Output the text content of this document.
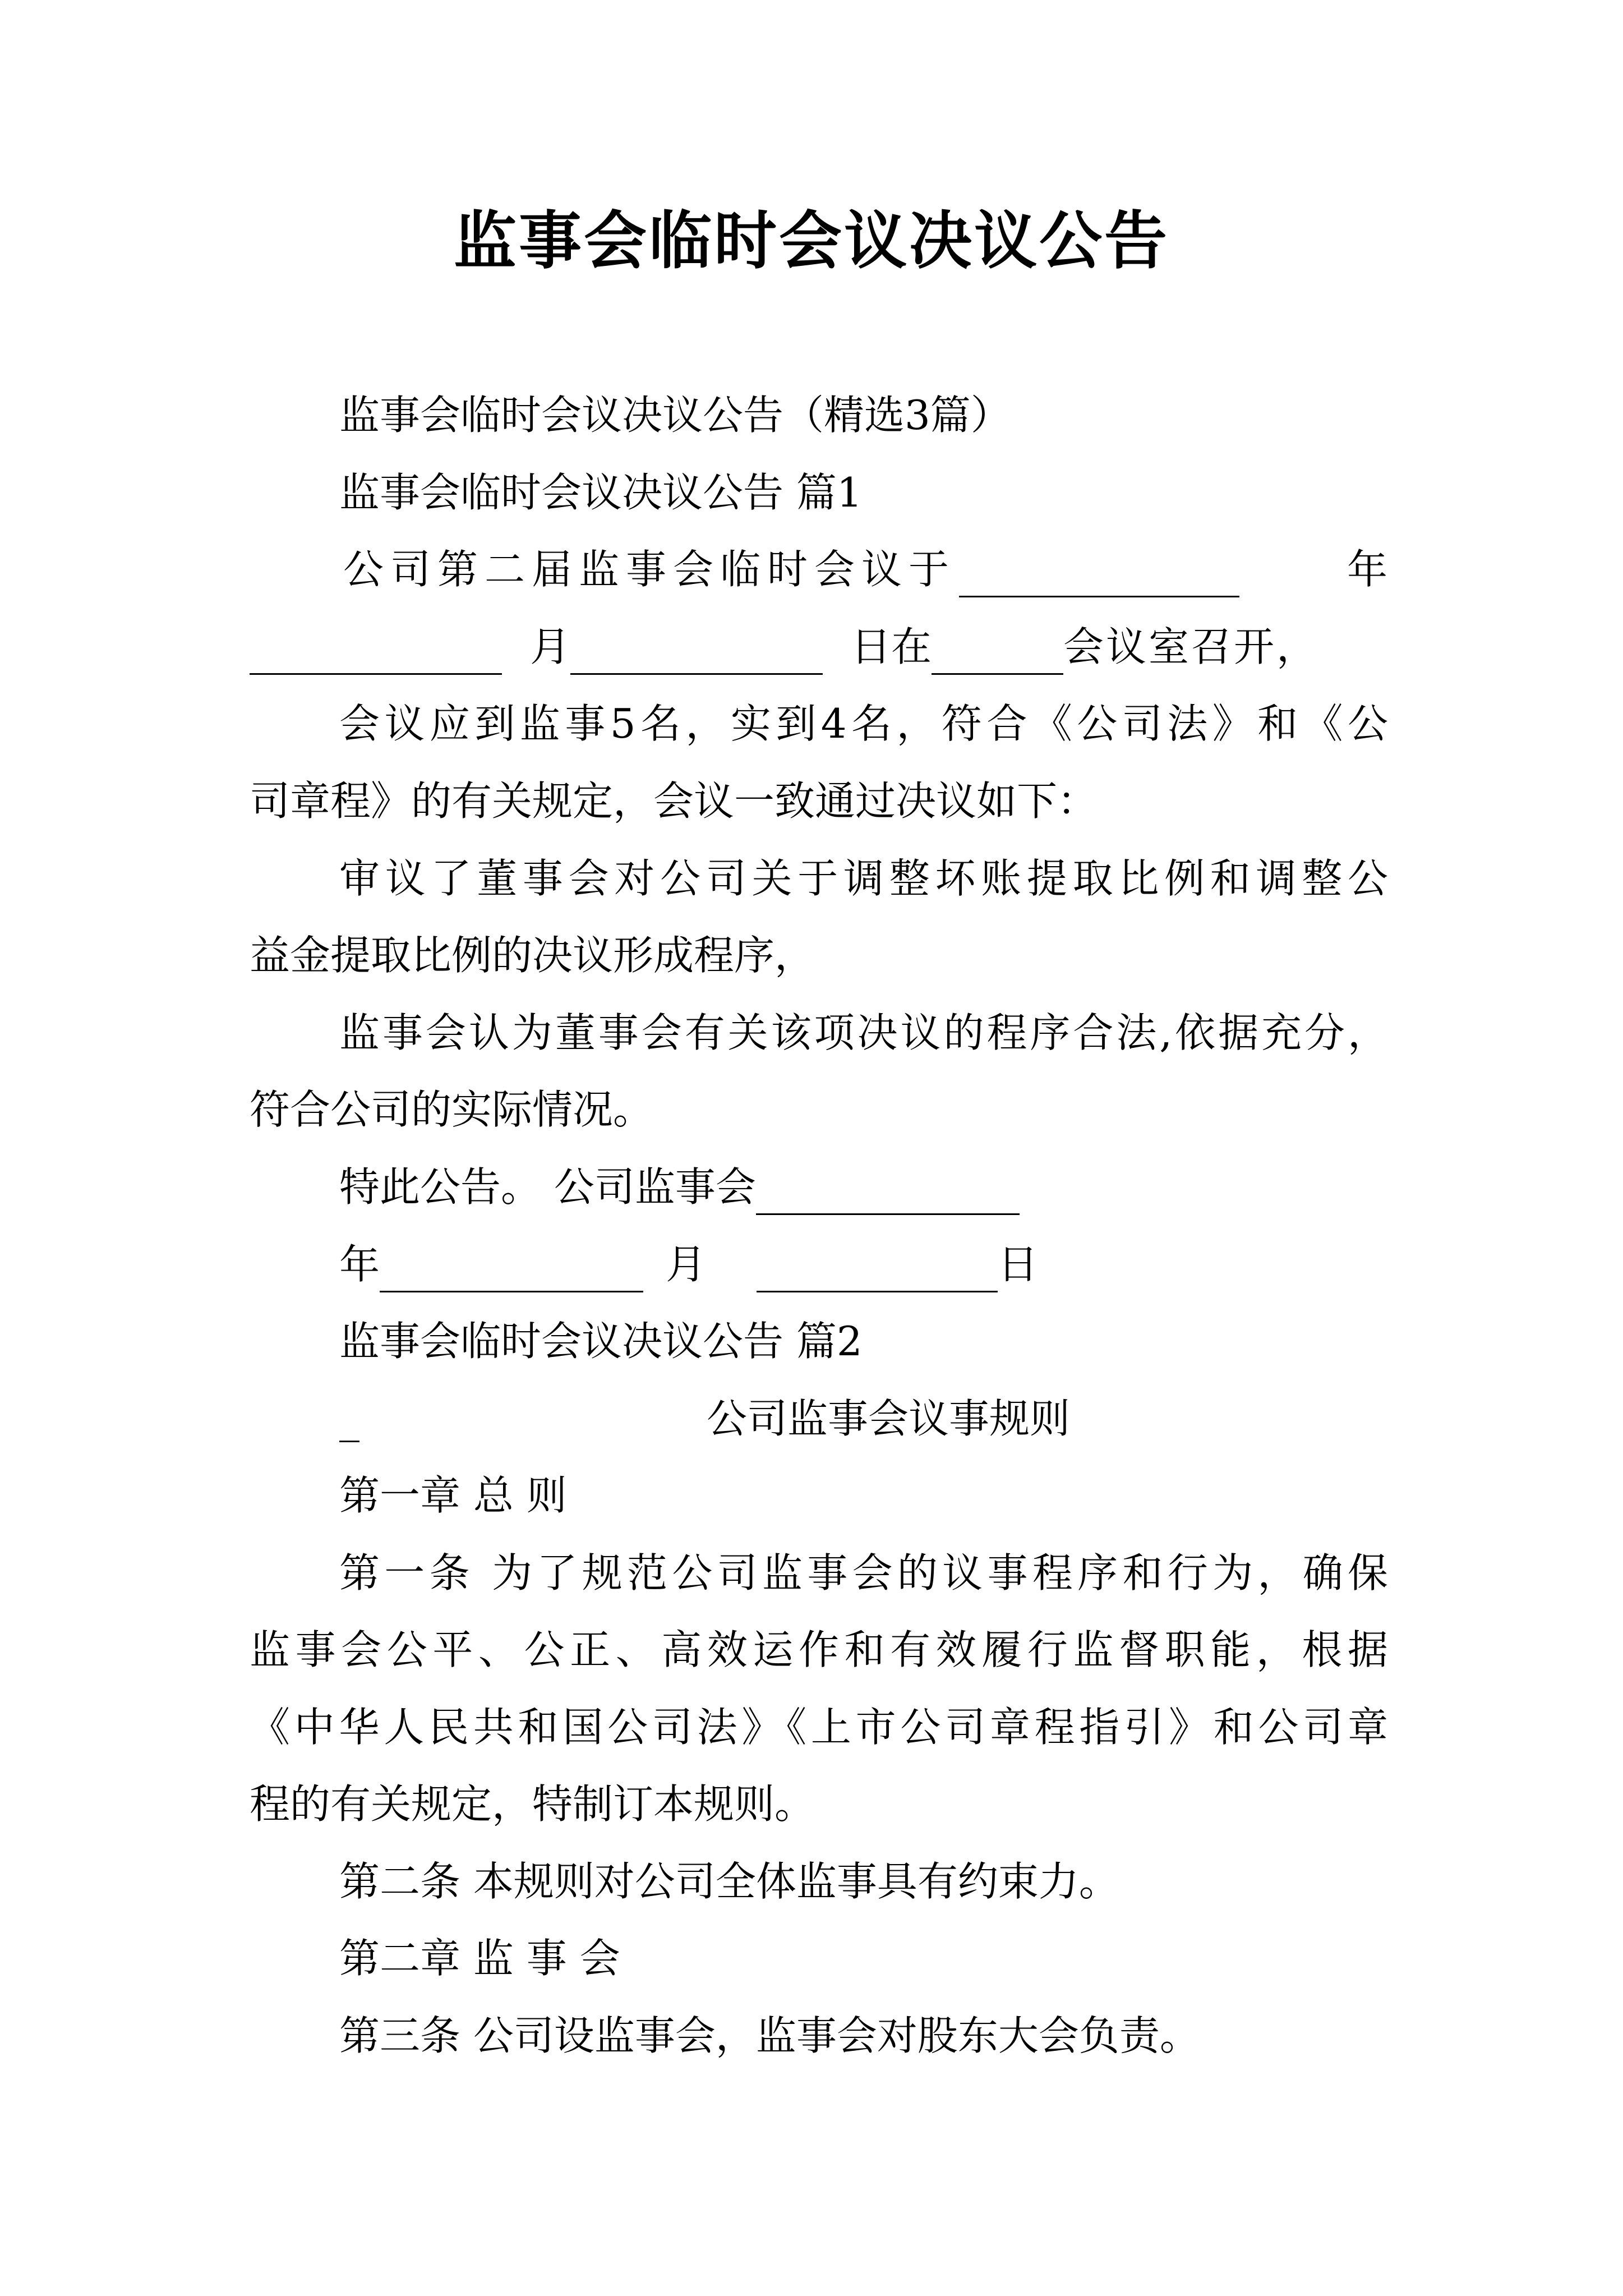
监事会临时会议决议公告
监事会临时会议决议公告（精选3篇）
监事会临时会议决议公告 篇1
公司第二届监事会临时会议于	年
月	日在	会议室召开，
会议应到监事5名，实到4名，符合《公司法》和《公
司章程》的有关规定，会议一致通过决议如下：
审议了董事会对公司关于调整坏账提取比例和调整公
益金提取比例的决议形成程序，
监事会认为董事会有关该项决议的程序合法,依据充分，
符合公司的实际情况。
特此公告。 公司监事会
年	月	日
监事会临时会议决议公告 篇2
_	公司监事会议事规则
第一章 总 则
第一条 为了规范公司监事会的议事程序和行为，确保
监事会公平、公正、高效运作和有效履行监督职能，根据
《中华人民共和国公司法》《上市公司章程指引》和公司章
程的有关规定，特制订本规则。
第二条 本规则对公司全体监事具有约束力。
第二章 监 事 会
第三条 公司设监事会，监事会对股东大会负责。
